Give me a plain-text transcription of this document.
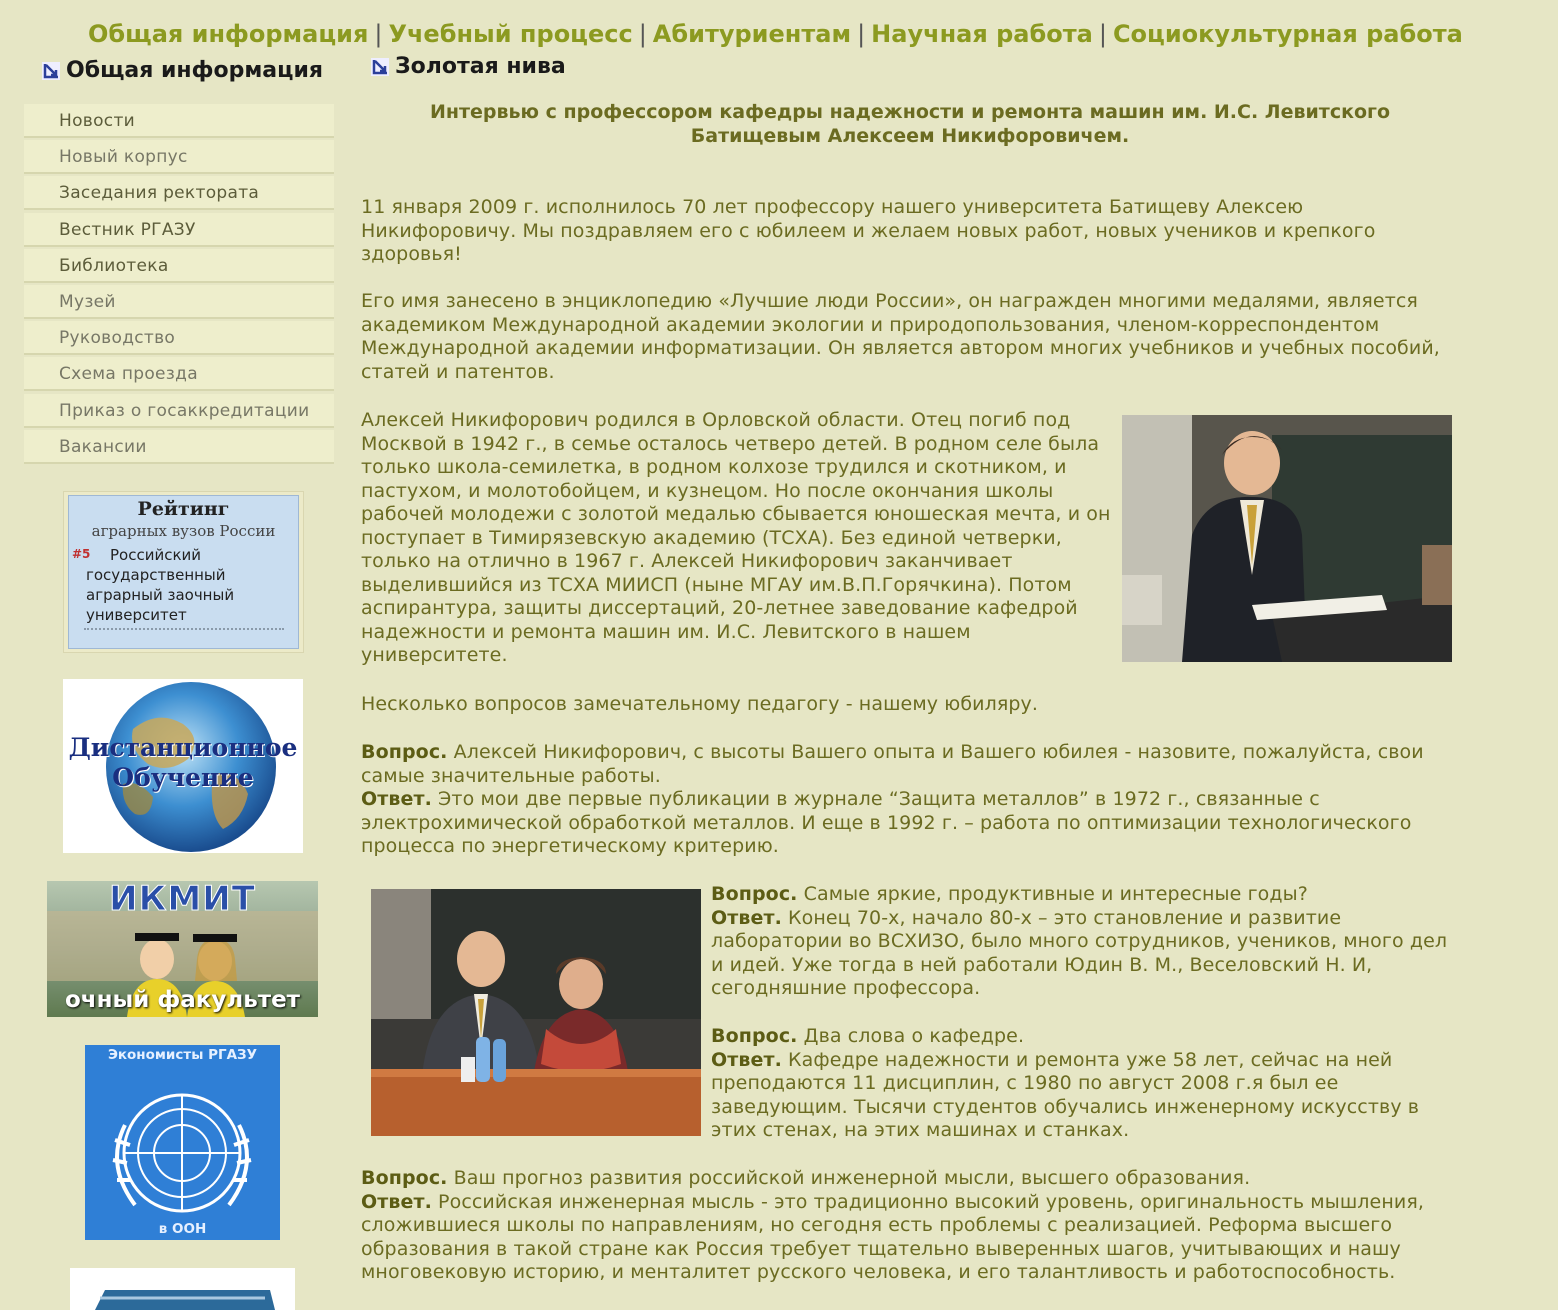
Общая информация | Учебный процесс | Абитуриентам | Научная работа | Социокультурная работа
Общая информация
Новости
Новый корпус
Заседания ректората
Вестник РГАЗУ
Библиотека
Музей
Руководство
Схема проезда
Приказ о госаккредитации
Вакансии
Рейтинг
аграрных вузов России
#5 Российский
государственный
аграрный заочный
университет
Дистанционное
Обучение
ИКМИТ
очный факультет
Экономисты РГАЗУ
в ООН
Золотая нива
Интервью с профессором кафедры надежности и ремонта машин им. И.С. Левитского
Батищевым Алексеем Никифоровичем.
11 января 2009 г. исполнилось 70 лет профессору нашего университета Батищеву Алексею
Никифоровичу. Мы поздравляем его с юбилеем и желаем новых работ, новых учеников и крепкого
здоровья!
Его имя занесено в энциклопедию «Лучшие люди России», он награжден многими медалями, является
академиком Международной академии экологии и природопользования, членом-корреспондентом
Международной академии информатизации. Он является автором многих учебников и учебных пособий,
статей и патентов.
Алексей Никифорович родился в Орловской области. Отец погиб под
Москвой в 1942 г., в семье осталось четверо детей. В родном селе была
только школа-семилетка, в родном колхозе трудился и скотником, и
пастухом, и молотобойцем, и кузнецом. Но после окончания школы
рабочей молодежи с золотой медалью сбывается юношеская мечта, и он
поступает в Тимирязевскую академию (ТСХА). Без единой четверки,
только на отлично в 1967 г. Алексей Никифорович заканчивает
выделившийся из ТСХА МИИСП (ныне МГАУ им.В.П.Горячкина). Потом
аспирантура, защиты диссертаций, 20-летнее заведование кафедрой
надежности и ремонта машин им. И.С. Левитского в нашем
университете.
Несколько вопросов замечательному педагогу - нашему юбиляру.
Вопрос. Алексей Никифорович, с высоты Вашего опыта и Вашего юбилея - назовите, пожалуйста, свои
самые значительные работы.
Ответ. Это мои две первые публикации в журнале “Защита металлов” в 1972 г., связанные с
электрохимической обработкой металлов. И еще в 1992 г. – работа по оптимизации технологического
процесса по энергетическому критерию.
Вопрос. Самые яркие, продуктивные и интересные годы?
Ответ. Конец 70-х, начало 80-х – это становление и развитие
лаборатории во ВСХИЗО, было много сотрудников, учеников, много дел
и идей. Уже тогда в ней работали Юдин В. М., Веселовский Н. И,
сегодняшние профессора.
Вопрос. Два слова о кафедре.
Ответ. Кафедре надежности и ремонта уже 58 лет, сейчас на ней
преподаются 11 дисциплин, с 1980 по август 2008 г.я был ее
заведующим. Тысячи студентов обучались инженерному искусству в
этих стенах, на этих машинах и станках.
Вопрос. Ваш прогноз развития российской инженерной мысли, высшего образования.
Ответ. Российская инженерная мысль - это традиционно высокий уровень, оригинальность мышления,
сложившиеся школы по направлениям, но сегодня есть проблемы с реализацией. Реформа высшего
образования в такой стране как Россия требует тщательно выверенных шагов, учитывающих и нашу
многовековую историю, и менталитет русского человека, и его талантливость и работоспособность.
